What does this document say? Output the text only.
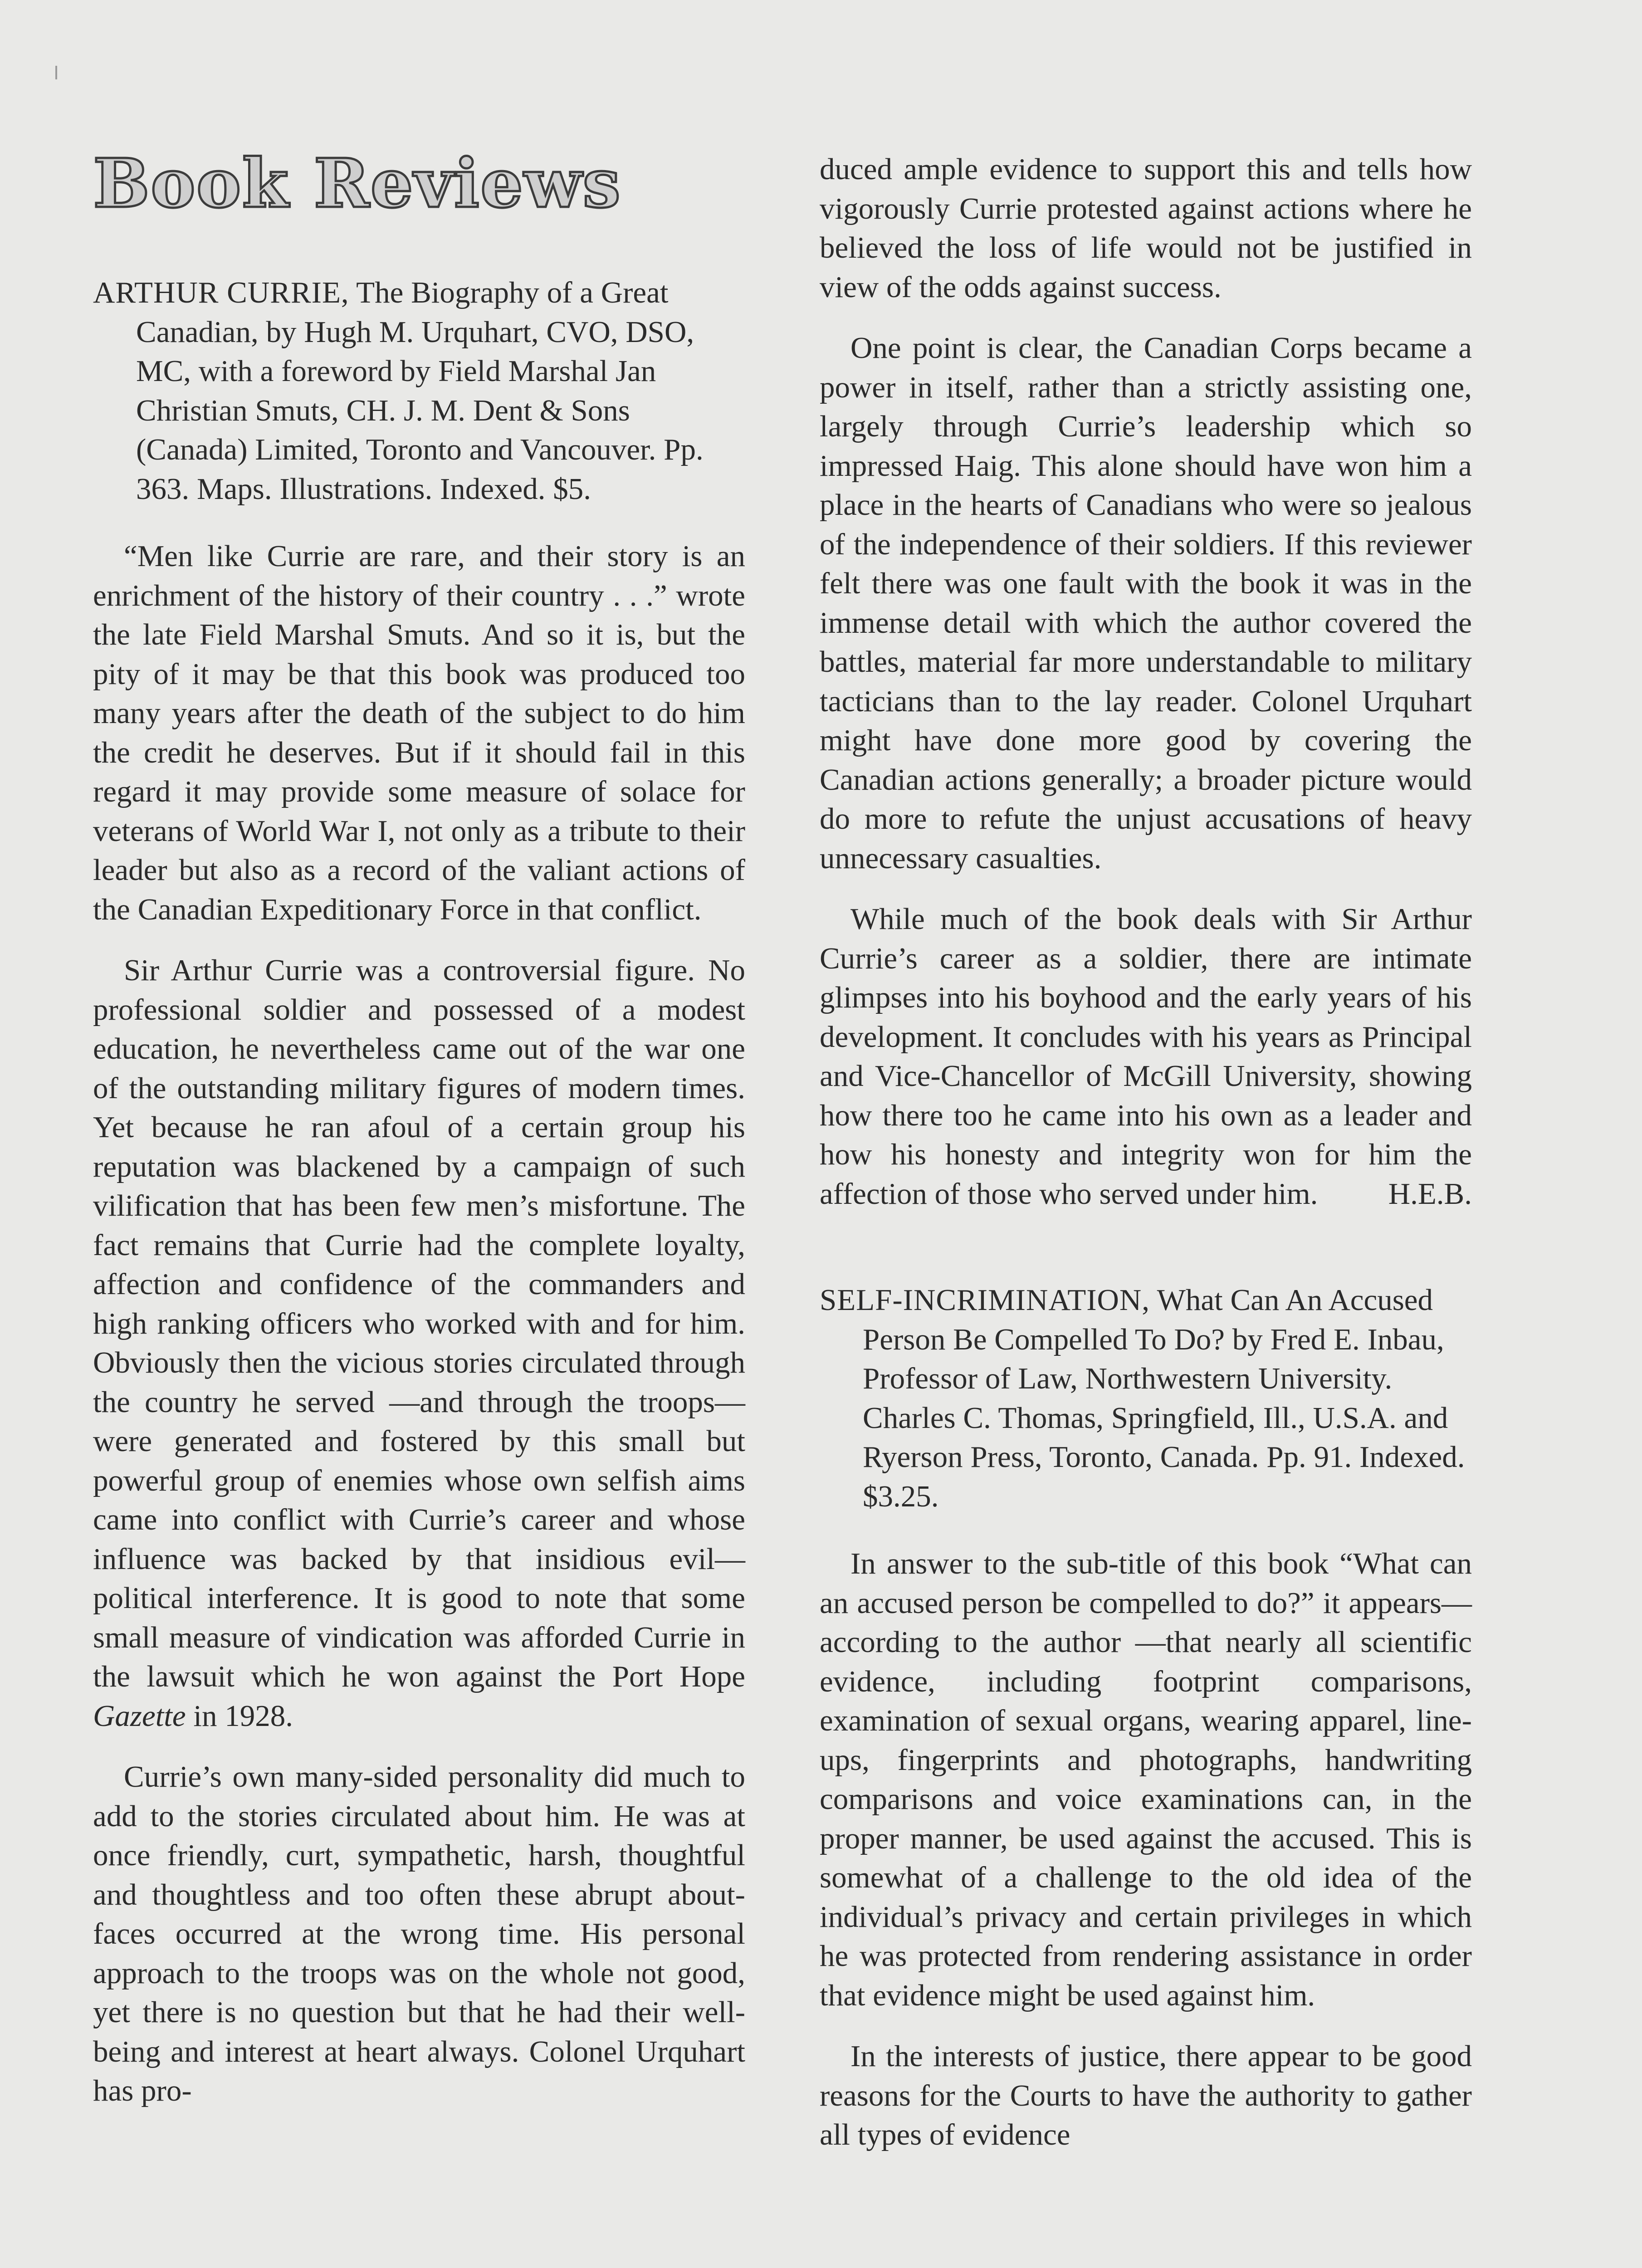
Book Reviews

ARTHUR CURRIE, The Biography of a Great Canadian, by Hugh M. Urquhart, CVO, DSO, MC, with a foreword by Field Marshal Jan Christian Smuts, CH. J. M. Dent & Sons (Canada) Limited, Toronto and Vancouver. Pp. 363. Maps. Illustrations. Indexed. $5.

“Men like Currie are rare, and their story is an enrichment of the history of their country . . .” wrote the late Field Marshal Smuts. And so it is, but the pity of it may be that this book was produced too many years after the death of the subject to do him the credit he deserves. But if it should fail in this regard it may provide some measure of solace for veterans of World War I, not only as a tribute to their leader but also as a record of the valiant actions of the Canadian Expeditionary Force in that conflict.

Sir Arthur Currie was a controversial figure. No professional soldier and possessed of a modest education, he nevertheless came out of the war one of the outstanding military figures of modern times. Yet because he ran afoul of a certain group his reputation was blackened by a campaign of such vilification that has been few men’s misfortune. The fact remains that Currie had the complete loyalty, affection and confidence of the commanders and high ranking officers who worked with and for him. Obviously then the vicious stories circulated through the country he served —and through the troops—were generated and fostered by this small but powerful group of enemies whose own selfish aims came into conflict with Currie’s career and whose influence was backed by that insidious evil—political interference. It is good to note that some small measure of vindication was afforded Currie in the lawsuit which he won against the Port Hope Gazette in 1928.

Currie’s own many-sided personality did much to add to the stories circulated about him. He was at once friendly, curt, sympathetic, harsh, thoughtful and thoughtless and too often these abrupt about-faces occurred at the wrong time. His personal approach to the troops was on the whole not good, yet there is no question but that he had their well-being and interest at heart always. Colonel Urquhart has pro-

duced ample evidence to support this and tells how vigorously Currie protested against actions where he believed the loss of life would not be justified in view of the odds against success.

One point is clear, the Canadian Corps became a power in itself, rather than a strictly assisting one, largely through Currie’s leadership which so impressed Haig. This alone should have won him a place in the hearts of Canadians who were so jealous of the independence of their soldiers. If this reviewer felt there was one fault with the book it was in the immense detail with which the author covered the battles, material far more understandable to military tacticians than to the lay reader. Colonel Urquhart might have done more good by covering the Canadian actions generally; a broader picture would do more to refute the unjust accusations of heavy unnecessary casualties.

While much of the book deals with Sir Arthur Currie’s career as a soldier, there are intimate glimpses into his boyhood and the early years of his development. It concludes with his years as Principal and Vice-Chancellor of McGill University, showing how there too he came into his own as a leader and how his honesty and integrity won for him the affection of those who served under him. H.E.B.

SELF-INCRIMINATION, What Can An Accused Person Be Compelled To Do? by Fred E. Inbau, Professor of Law, Northwestern University. Charles C. Thomas, Springfield, Ill., U.S.A. and Ryerson Press, Toronto, Canada. Pp. 91. Indexed. $3.25.

In answer to the sub-title of this book “What can an accused person be compelled to do?” it appears—according to the author —that nearly all scientific evidence, including footprint comparisons, examination of sexual organs, wearing apparel, line-ups, fingerprints and photographs, handwriting comparisons and voice examinations can, in the proper manner, be used against the accused. This is somewhat of a challenge to the old idea of the individual’s privacy and certain privileges in which he was protected from rendering assistance in order that evidence might be used against him.

In the interests of justice, there appear to be good reasons for the Courts to have the authority to gather all types of evidence
